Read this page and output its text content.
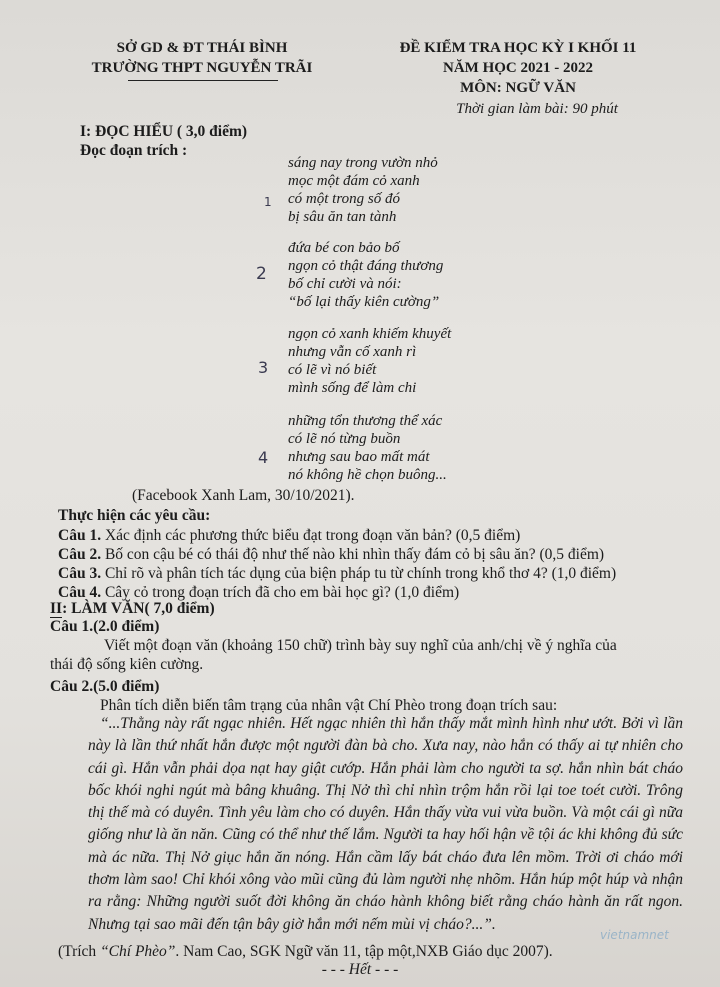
SỞ GD & ĐT THÁI BÌNH
TRƯỜNG THPT NGUYỄN TRÃI
ĐỀ KIỂM TRA HỌC KỲ I KHỐI 11
NĂM HỌC 2021 - 2022
MÔN: NGỮ VĂN
Thời gian làm bài: 90 phút
I: ĐỌC HIỂU ( 3,0 điểm)
Đọc đoạn trích :
sáng nay trong vườn nhỏ
mọc một đám cỏ xanh
có một trong số đó
bị sâu ăn tan tành
đứa bé con bảo bố
ngọn cỏ thật đáng thương
bố chỉ cười và nói:
“bố lại thấy kiên cường”
ngọn cỏ xanh khiếm khuyết
nhưng vẫn cố xanh rì
có lẽ vì nó biết
mình sống để làm chi
những tổn thương thể xác
có lẽ nó từng buồn
nhưng sau bao mất mát
nó không hề chọn buông...
1
2
3
4
(Facebook Xanh Lam, 30/10/2021).
Thực hiện các yêu cầu:
Câu 1. Xác định các phương thức biểu đạt trong đoạn văn bản? (0,5 điểm)
Câu 2. Bố con cậu bé có thái độ như thế nào khi nhìn thấy đám cỏ bị sâu ăn? (0,5 điểm)
Câu 3. Chỉ rõ và phân tích tác dụng của biện pháp tu từ chính trong khổ thơ 4? (1,0 điểm)
Câu 4. Cây cỏ trong đoạn trích đã cho em bài học gì? (1,0 điểm)
II: LÀM VĂN( 7,0 điểm)
Câu 1.(2.0 điểm)
Viết một đoạn văn (khoảng 150 chữ) trình bày suy nghĩ của anh/chị về ý nghĩa của
thái độ sống kiên cường.
Câu 2.(5.0 điểm)
Phân tích diễn biến tâm trạng của nhân vật Chí Phèo trong đoạn trích sau:
“...Thằng này rất ngạc nhiên. Hết ngạc nhiên thì hắn thấy mắt mình hình như ướt. Bởi vì lần này là lần thứ nhất hắn được một người đàn bà cho. Xưa nay, nào hắn có thấy ai tự nhiên cho cái gì. Hắn vẫn phải dọa nạt hay giật cướp. Hắn phải làm cho người ta sợ. hắn nhìn bát cháo bốc khói nghi ngút mà bâng khuâng. Thị Nở thì chỉ nhìn trộm hắn rồi lại toe toét cười. Trông thị thế mà có duyên. Tình yêu làm cho có duyên. Hắn thấy vừa vui vừa buồn. Và một cái gì nữa giống như là ăn năn. Cũng có thể như thế lắm. Người ta hay hối hận về tội ác khi không đủ sức mà ác nữa. Thị Nở giục hắn ăn nóng. Hắn cầm lấy bát cháo đưa lên mồm. Trời ơi cháo mới thơm làm sao! Chỉ khói xông vào mũi cũng đủ làm người nhẹ nhõm. Hắn húp một húp và nhận ra rằng: Những người suốt đời không ăn cháo hành không biết rằng cháo hành ăn rất ngon. Nhưng tại sao mãi đến tận bây giờ hắn mới nếm mùi vị cháo?...”.
(Trích “Chí Phèo”. Nam Cao, SGK Ngữ văn 11, tập một,NXB Giáo dục 2007).
- - - Hết - - -
vietnamnet
